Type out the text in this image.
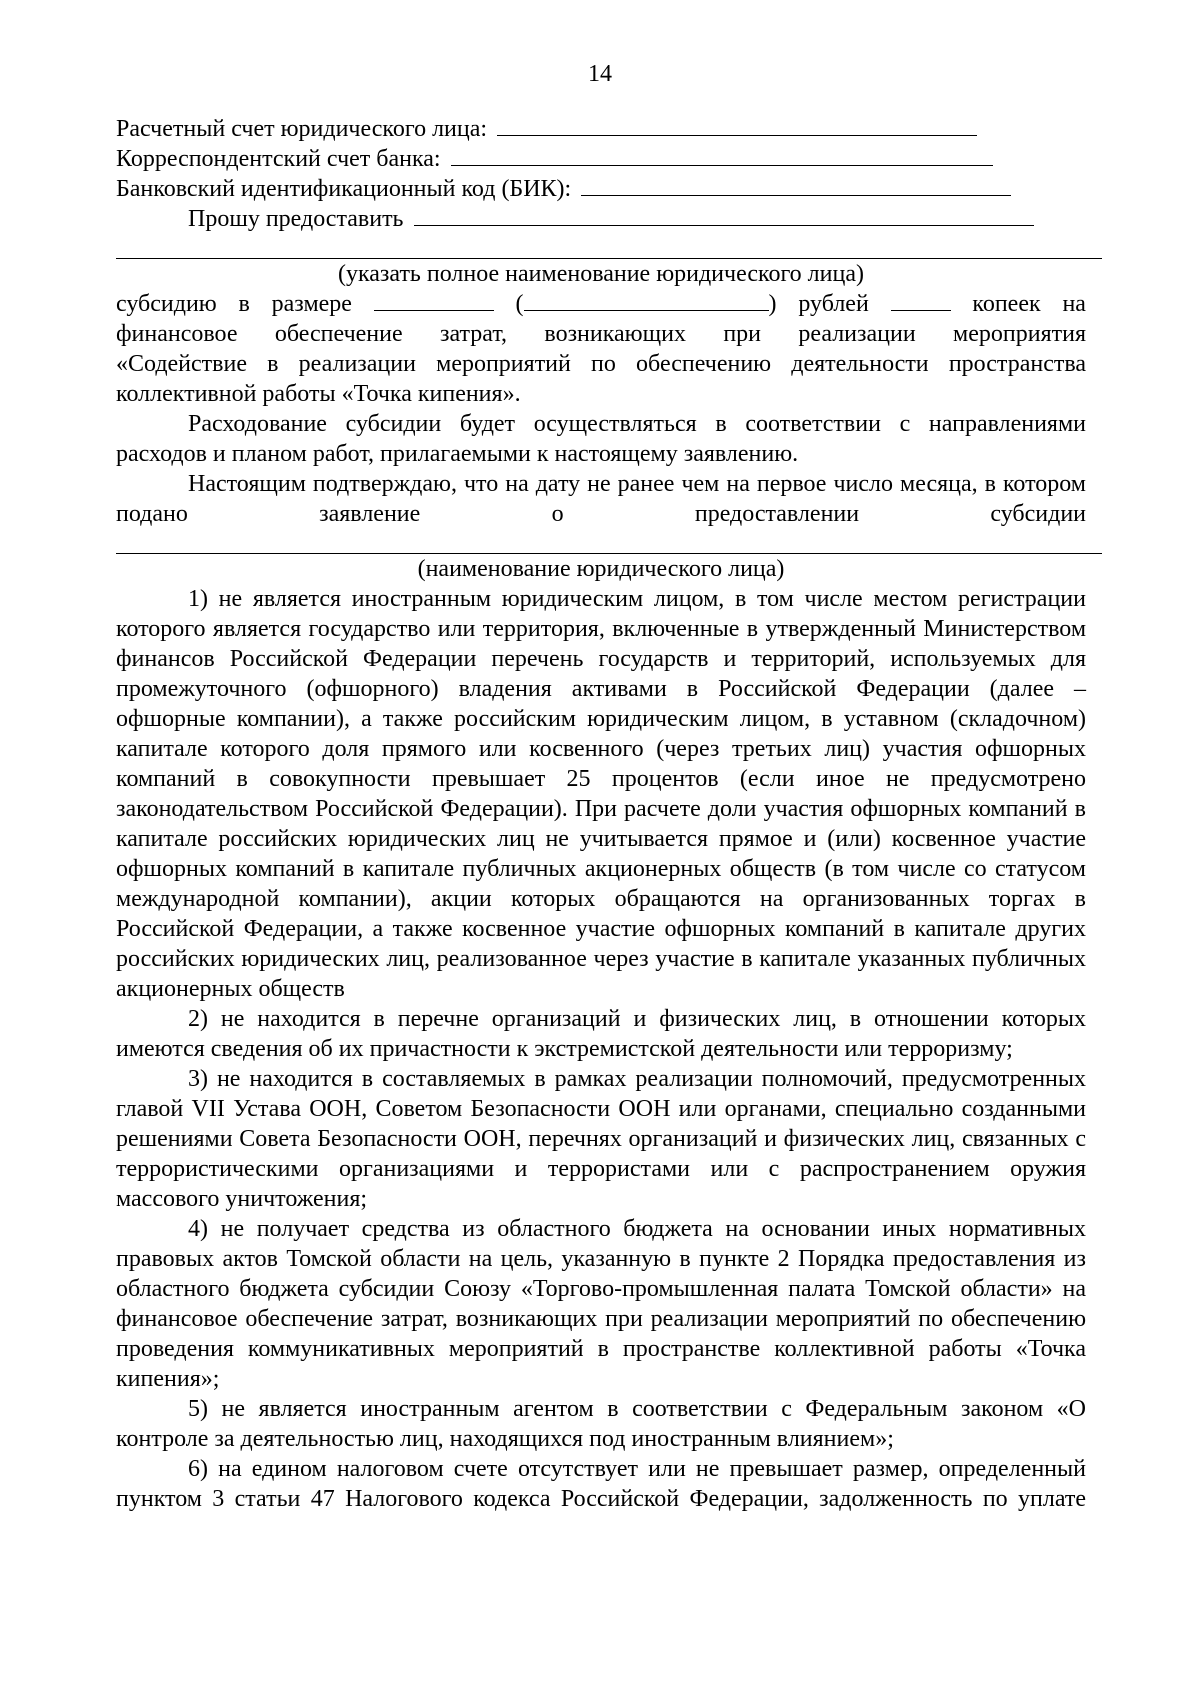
14
Расчетный счет юридического лица:
Корреспондентский счет банка:
Банковский идентификационный код (БИК):
Прошу предоставить
(указать полное наименование юридического лица)
субсидию в размере	(	) рублей	копеек на
финансовое обеспечение затрат, возникающих при реализации мероприятия
«Содействие в реализации мероприятий по обеспечению деятельности пространства
коллективной работы «Точка кипения».

Расходование субсидии будет осуществляться в соответствии с направлениями расходов и планом работ, прилагаемыми к настоящему заявлению.

Настоящим подтверждаю, что на дату не ранее чем на первое число месяца, в котором подано заявление о предоставлении субсидии

(наименование юридического лица)

1) не является иностранным юридическим лицом, в том числе местом регистрации которого является государство или территория, включенные в утвержденный Министерством финансов Российской Федерации перечень государств и территорий, используемых для промежуточного (офшорного) владения активами в Российской Федерации (далее – офшорные компании), а также российским юридическим лицом, в уставном (складочном) капитале которого доля прямого или косвенного (через третьих лиц) участия офшорных компаний в совокупности превышает 25 процентов (если иное не предусмотрено законодательством Российской Федерации). При расчете доли участия офшорных компаний в капитале российских юридических лиц не учитывается прямое и (или) косвенное участие офшорных компаний в капитале публичных акционерных обществ (в том числе со статусом международной компании), акции которых обращаются на организованных торгах в Российской Федерации, а также косвенное участие офшорных компаний в капитале других российских юридических лиц, реализованное через участие в капитале указанных публичных акционерных обществ

2) не находится в перечне организаций и физических лиц, в отношении которых имеются сведения об их причастности к экстремистской деятельности или терроризму;

3) не находится в составляемых в рамках реализации полномочий, предусмотренных главой VII Устава ООН, Советом Безопасности ООН или органами, специально созданными решениями Совета Безопасности ООН, перечнях организаций и физических лиц, связанных с террористическими организациями и террористами или с распространением оружия массового уничтожения;

4) не получает средства из областного бюджета на основании иных нормативных правовых актов Томской области на цель, указанную в пункте 2 Порядка предоставления из областного бюджета субсидии Союзу «Торгово-промышленная палата Томской области» на финансовое обеспечение затрат, возникающих при реализации мероприятий по обеспечению проведения коммуникативных мероприятий в пространстве коллективной работы «Точка кипения»;

5) не является иностранным агентом в соответствии с Федеральным законом «О контроле за деятельностью лиц, находящихся под иностранным влиянием»;

6) на едином налоговом счете отсутствует или не превышает размер, определенный пунктом 3 статьи 47 Налогового кодекса Российской Федерации, задолженность по уплате
